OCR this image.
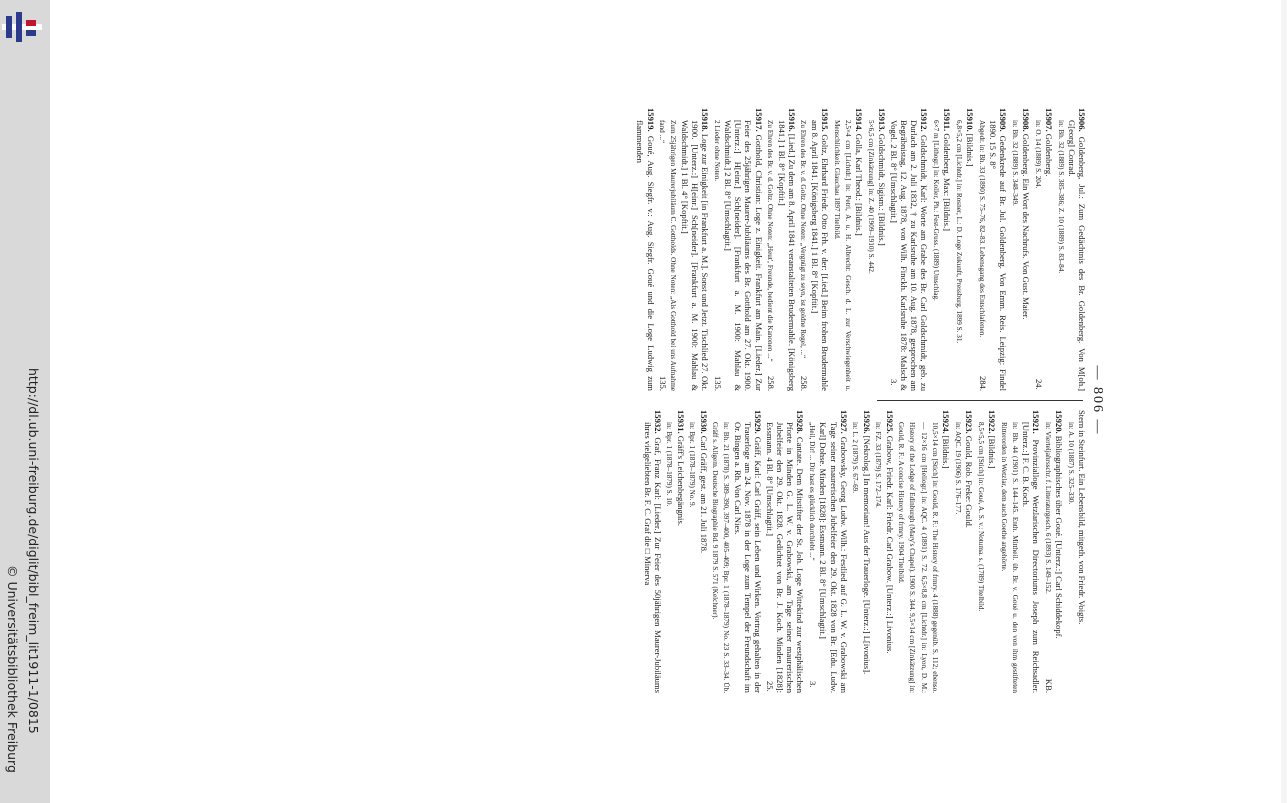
http://dl.ub.uni-freiburg.de/diglit/bibl_freim_lit1911-1/0815
© Universitätsbibliothek Freiburg
— 806 —
15906. Goldenberg, Jul.: Zum Gedächtnis des Br. Goldenberg. Von M[oh.] G[eorg] Conrad.
in: Bh. 32 (1889) S. 385–386; Z. 10 (1889) S. 83–84.
15907. Goldenberg.
in: O. 14 (1889) S. 204.
24.
15908. Goldenberg. Ein Wort des Nachrufs. Von Gust. Maier.
in: Bh. 32 (1889) S. 348–349.
15909. Gedenkrede auf Br. Jul. Goldenberg. Von Emm. Reis. Leipzig: Findel 1890. 15 S. 8°
Abgedr. in: Bh. 33 (1890) S. 75–76, 82–83. Lebensgang des Entschlafenen.
284.
15910. [Bildnis.]
6,8×5,2 cm [Lichtdr.] in: Rosner, L.: D. Loge Zukunft, Pressburg. 1899 S. 31.
15911. Goldenberg, Max: [Bildnis.]
6×7 m [Lithogr.] in: Koller, Ph.: Fest-Gruss. (1889) Umschlag.
15912. Goldschmidt, Karl: Worte am Grabe des Br. Carl Goldschmidt, geb. zu Durlach am 2. Juli 1832, † zu Karlsruhe am 10. Aug. 1878, gesprochen am Begräbnistag, 12. Aug. 1878, von Wilh. Finckh. Karlsruhe 1878: Malsch & Vogel. 2 Bl. 8° [Umschlagtit.]
3.
15913. Goldschmidt, Sigism.: [Bildnis.]
5×6,5 cm [Zinkätzung] in: Z. 40 (1909–1910) S. 442.
15914. Golla, Karl Theod.: [Bildnis.]
2,5×4 cm [Lichtdr.] in: Petri, A. u. H. Albrecht: Gesch. d. L. zur Verschwiegenheit u. Menschlichkeit. Glauchau 1897 Titelbild.
15915. Goltz, Ehrhard Friedr. Otto Frh. v. der: [Lied.] Beim frohen Brudermahle am 8. April 1841. [Königsberg 1841.] 1 Bl. 8° [Kopftit.]
Zu Ehren des Br. v. d. Goltz. Ohne Noten: „Vergnügt zu seyn, ist goldne Regel, ...“
258.
15916. [Lied.] Zu dem am 8. April 1841 veranstalteten Brudermahle. [Königsberg 1841.] 1 Bl. 8° [Kopftit.]
Zu Ehren des Br. v. d. Goltz. Ohne Noten: „Heut', Freunde, bedient die Kanonen ...“
258.
15917. Gotthold, Christian: Loge z. Einigkeit. Frankfurt am Main. [Lieder.] Zur Feier des 25jährigen Maurer-Jubiläums des Br. Gotthold am 27. Okt. 1900. [Unterz.:] H[einr.] Sch[neider]. [Frankfurt a. M. 1900: Mahlau & Waldschmidt.] 2 Bl. 8° [Umschlagtit.]
2 Lieder ohne Noten.
135.
15918. Loge zur Einigkeit [in Frankfurt a. M.]. Sonst und Jetzt. Tischlied 27. Okt. 1900. [Unterz.:] H[einr.] Sch[neider]. [Frankfurt a. M. 1900: Mahlau & Waldschmidt.] 1 Bl. 4° [Kopftit.]
Zum 25jährigen Maurerjubiläum C. Gottholds. Ohne Noten: „Als Gotthold bei uns Aufnahme fand ...“
135.
15919. Goué, Aug. Siegfr. v.: Aug. Siegfr. Goué und die Loge Ludwig zum flammenden
Stern in Steinfurt. Ein Lebensbild, mitgeth. von Friedr. Voigts.
in: A. 10 (1887) S. 325–330.
15920. Bibliographisches über Goué. [Unterz.:] Carl Schiddekopf.
in: Vierteljahrsschr. f. Litteraturgesch. 6 (1893) S. 149–152.
KB.
15921. Provinzialloge Wetzlarischen Directoriums Joseph zum Reichsadler. [Unterz.:] F. C. B. Koch.
in: Bh. 44 (1901) S. 144–145. Enth. Mittheil. üb. Br. v. Goué u. den von ihm gestifteten Ritterorden in Wetzlar, dem auch Goethe angehörte.
15922. [Bildnis.]
8,5×5,5 cm [Stich] in: Goué, A. S. v.: Notuma. s. (1789) Titelbild.
15923. Gould, Rob. Freke: Gould.
in: AQC. 19 (1906) S. 176–177.
15924. [Bildnis.]
10,5×14 cm [Stich] in: Gould, R. F.: The History of frmry. 4 (1888) gegenüb. S. 112; ebenso. — 12×16 cm [Heliogr.] in: AQC. 4 (1891) S. 72. 6,5×8,8 cm [Lichtdr.] in: Lyon, D. M.: History of the Lodge of Edinburgh (Mary's Chapel). 1900 S. 344. 9,5×14 cm [Zinkätzung] in: Gould, R. F.: A concise History of frmry. 1904 Titelbild.
15925. Grabow, Friedr. Karl: Friedr. Carl Grabow. [Unterz.:] Livonius.
in: FZ. 33 (1879) S. 172–174.
15926. [Nekrolog.] In memoriam! Aus der Trauerloge. [Unterz.:] L[ivonius].
in: L. 2 (1879) S. 67–69.
15927. Grabowsky, Georg Ludw. Wilh.: Festlied auf G. L. W. v. Grabowski am Tage seiner maurerischen Jubelfeier den 29. Okt. 1828 von Br. [Edu. Ludw. Karl] Dohse. Minden [1828]: Essmann. 2 Bl. 8° [Umschlagtit.]
„Heil, Dir! ... Dir hast es glücklich durchlebt ...“
3.
15928. Cantate. Dem Mitstifter der St. Joh. Loge Wittekind zur westphälischen Pforte in Minden G. L. W. v. Grabowski, am Tage seiner maurerischen Jubelfeier den 29. Okt. 1828. Gedichtet von Br. J. Koch. Minden [1828]: Essmann. 4 Bl. 8° [Umschlagtit.]
25.
15929. Gräff, Karl: Carl Gräff, sein Leben und Wirken. Vortrag gehalten in der Trauerloge am 24. Nov. 1878 in der Loge zum Tempel der Freundschaft im Or. Bingen a. Rh. Von Carl Nies.
in: Bh. 21 (1878) S. 389–390, 397–400, 405–409; Bpr. 1 (1878–1879) No. 23 S. 33–34. Üb. Gräff s. Allgem. Deutsche Biographie Bd. 9 1879 S. 571 (Kelchner).
15930. Carl Gräff, gest. am 21. Juli 1878.
in: Bpr. 1 (1878–1879) No. 9.
15931. Gräff's Leichenbegängnis.
in: Bpr. 1 (1878–1879) S. 10.
15932. Graf, Franz Karl: [Lieder.] Zur Feier des 50jährigen Maurer-Jubiläums ihres vielgeliebten Br. F. C. Graf die □ Minerva
